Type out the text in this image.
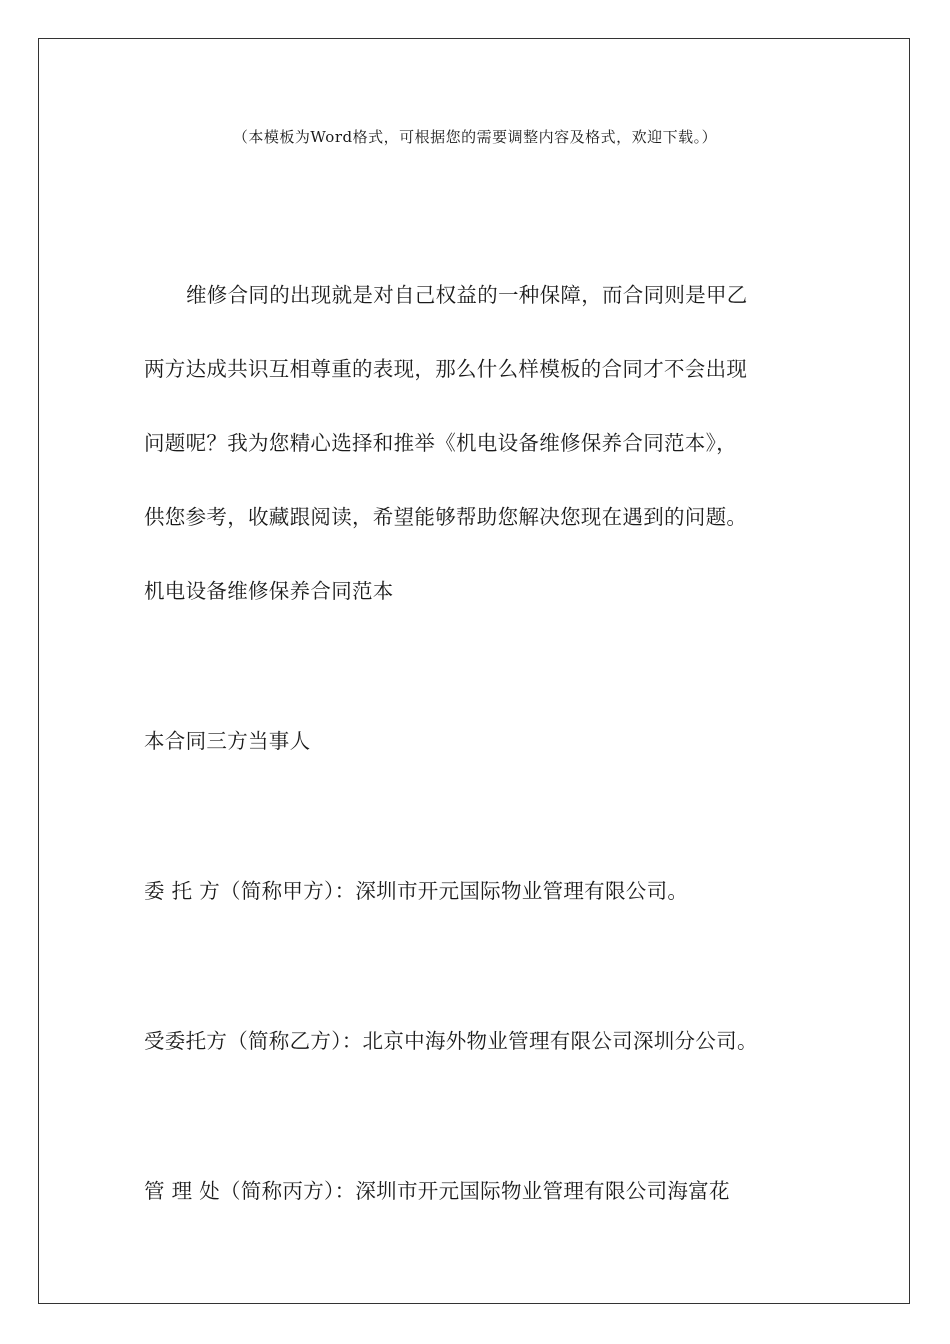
（本模板为Word格式，可根据您的需要调整内容及格式，欢迎下载。）
维修合同的出现就是对自己权益的一种保障，而合同则是甲乙
两方达成共识互相尊重的表现，那么什么样模板的合同才不会出现
问题呢？我为您精心选择和推举《机电设备维修保养合同范本》，
供您参考，收藏跟阅读，希望能够帮助您解决您现在遇到的问题。
机电设备维修保养合同范本
本合同三方当事人
委 托 方（简称甲方）：深圳市开元国际物业管理有限公司。
受委托方（简称乙方）：北京中海外物业管理有限公司深圳分公司。
管 理 处（简称丙方）：深圳市开元国际物业管理有限公司海富花
